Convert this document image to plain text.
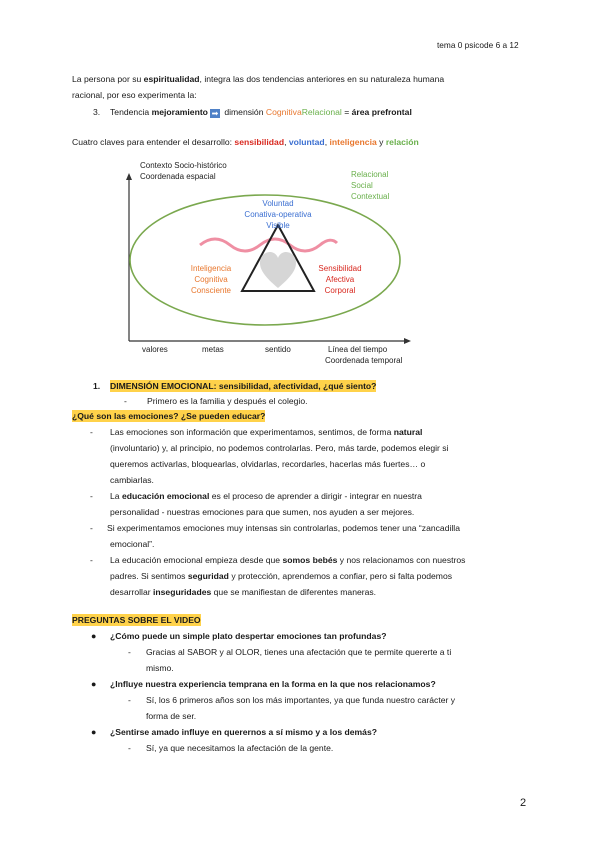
tema 0 psicode 6 a 12
La persona por su espiritualidad, integra las dos tendencias anteriores en su naturaleza humana
racional, por eso experimenta la:
3. Tendencia mejoramiento ➡ dimensión CognitivaRelacional = área prefrontal
Cuatro claves para entender el desarrollo: sensibilidad, voluntad, inteligencia y relación
Contexto Socio-histórico
Coordenada espacial	Relacional
Social
Contextual
Voluntad
Conativa-operativa
Visible
Inteligencia
Cognitiva
Consciente
Sensibilidad
Afectiva
Corporal
valores	metas	sentido	Línea del tiempo
Coordenada temporal
1. DIMENSIÓN EMOCIONAL: sensibilidad, afectividad, ¿qué siento?
- Primero es la familia y después el colegio.
¿Qué son las emociones? ¿Se pueden educar?
- Las emociones son información que experimentamos, sentimos, de forma natural
(involuntario) y, al principio, no podemos controlarlas. Pero, más tarde, podemos elegir si
queremos activarlas, bloquearlas, olvidarlas, recordarles, hacerlas más fuertes… o
cambiarlas.
- La educación emocional es el proceso de aprender a dirigir - integrar en nuestra
personalidad - nuestras emociones para que sumen, nos ayuden a ser mejores.
- Si experimentamos emociones muy intensas sin controlarlas, podemos tener una “zancadilla
emocional”.
- La educación emocional empieza desde que somos bebés y nos relacionamos con nuestros
padres. Si sentimos seguridad y protección, aprendemos a confiar, pero si falta podemos
desarrollar inseguridades que se manifiestan de diferentes maneras.
PREGUNTAS SOBRE EL VIDEO
● ¿Cómo puede un simple plato despertar emociones tan profundas?
- Gracias al SABOR y al OLOR, tienes una afectación que te permite quererte a ti
mismo.
● ¿Influye nuestra experiencia temprana en la forma en la que nos relacionamos?
- Sí, los 6 primeros años son los más importantes, ya que funda nuestro carácter y
forma de ser.
● ¿Sentirse amado influye en querernos a sí mismo y a los demás?
- Sí, ya que necesitamos la afectación de la gente.
2
